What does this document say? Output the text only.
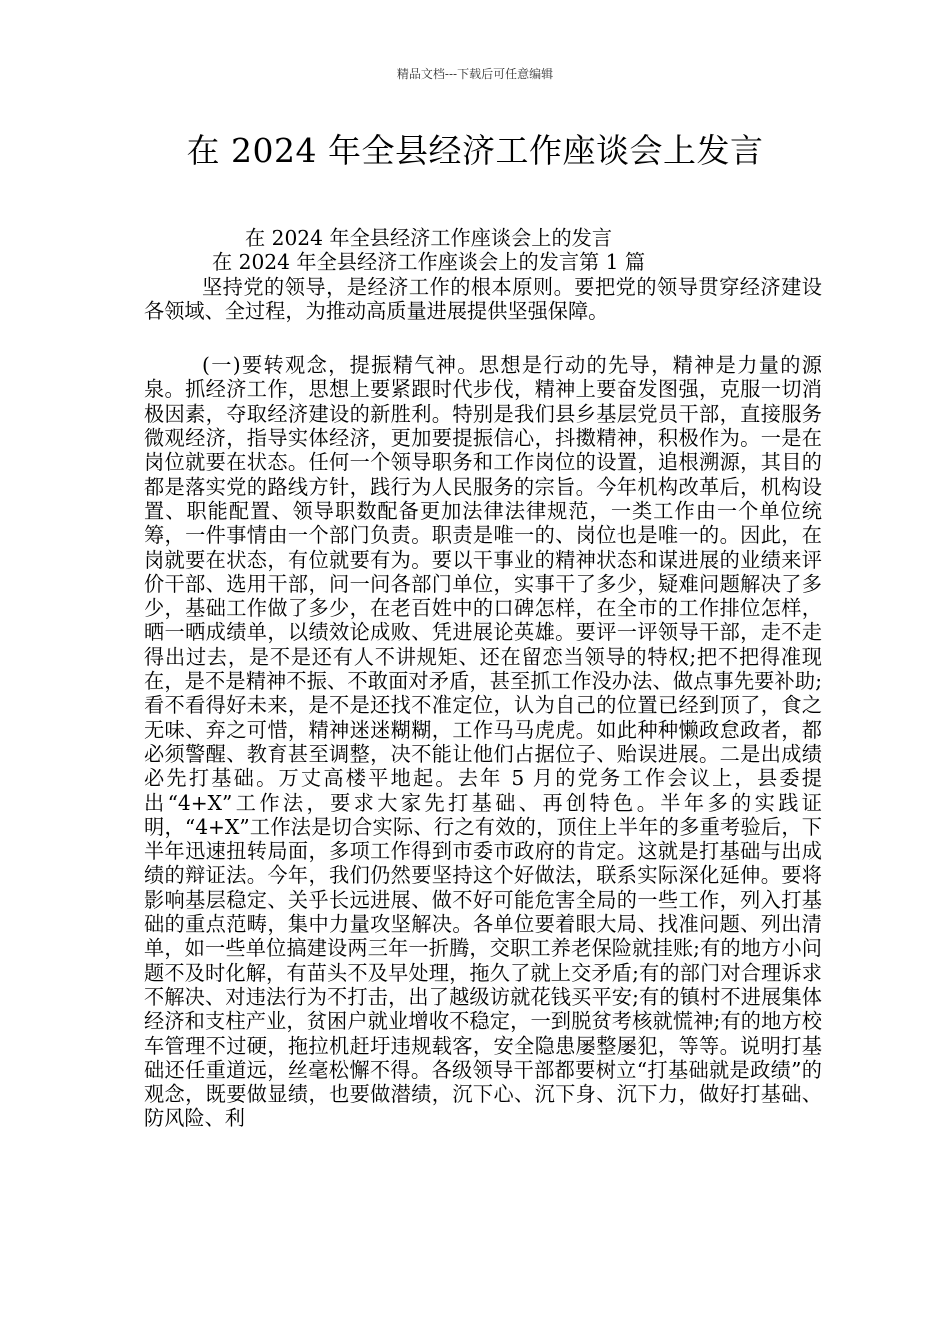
精品文档---下载后可任意编辑
在 2024 年全县经济工作座谈会上发言
在 2024 年全县经济工作座谈会上的发言
在 2024 年全县经济工作座谈会上的发言第 1 篇

坚持党的领导，是经济工作的根本原则。要把党的领导贯穿经济建设各领域、全过程，为推动高质量进展提供坚强保障。

(一)要转观念，提振精气神。思想是行动的先导，精神是力量的源泉。抓经济工作，思想上要紧跟时代步伐，精神上要奋发图强，克服一切消极因素，夺取经济建设的新胜利。特别是我们县乡基层党员干部，直接服务微观经济，指导实体经济，更加要提振信心，抖擞精神，积极作为。一是在岗位就要在状态。任何一个领导职务和工作岗位的设置，追根溯源，其目的都是落实党的路线方针，践行为人民服务的宗旨。今年机构改革后，机构设置、职能配置、领导职数配备更加法律法律规范，一类工作由一个单位统筹，一件事情由一个部门负责。职责是唯一的、岗位也是唯一的。因此，在岗就要在状态，有位就要有为。要以干事业的精神状态和谋进展的业绩来评价干部、选用干部，问一问各部门单位，实事干了多少，疑难问题解决了多少，基础工作做了多少，在老百姓中的口碑怎样，在全市的工作排位怎样，晒一晒成绩单，以绩效论成败、凭进展论英雄。要评一评领导干部，走不走得出过去，是不是还有人不讲规矩、还在留恋当领导的特权;把不把得准现在，是不是精神不振、不敢面对矛盾，甚至抓工作没办法、做点事先要补助;看不看得好未来，是不是还找不准定位，认为自己的位置已经到顶了，食之无味、弃之可惜，精神迷迷糊糊，工作马马虎虎。如此种种懒政怠政者，都必须警醒、教育甚至调整，决不能让他们占据位子、贻误进展。二是出成绩必先打基础。万丈高楼平地起。去年 5 月的党务工作会议上，县委提出“4+X”工作法，要求大家先打基础、再创特色。半年多的实践证明，“4+X”工作法是切合实际、行之有效的，顶住上半年的多重考验后，下半年迅速扭转局面，多项工作得到市委市政府的肯定。这就是打基础与出成绩的辩证法。今年，我们仍然要坚持这个好做法，联系实际深化延伸。要将影响基层稳定、关乎长远进展、做不好可能危害全局的一些工作，列入打基础的重点范畴，集中力量攻坚解决。各单位要着眼大局、找准问题、列出清单，如一些单位搞建设两三年一折腾，交职工养老保险就挂账;有的地方小问题不及时化解，有苗头不及早处理，拖久了就上交矛盾;有的部门对合理诉求不解决、对违法行为不打击，出了越级访就花钱买平安;有的镇村不进展集体经济和支柱产业，贫困户就业增收不稳定，一到脱贫考核就慌神;有的地方校车管理不过硬，拖拉机赶圩违规载客，安全隐患屡整屡犯，等等。说明打基础还任重道远，丝毫松懈不得。各级领导干部都要树立“打基础就是政绩”的观念，既要做显绩，也要做潜绩，沉下心、沉下身、沉下力，做好打基础、防风险、利
